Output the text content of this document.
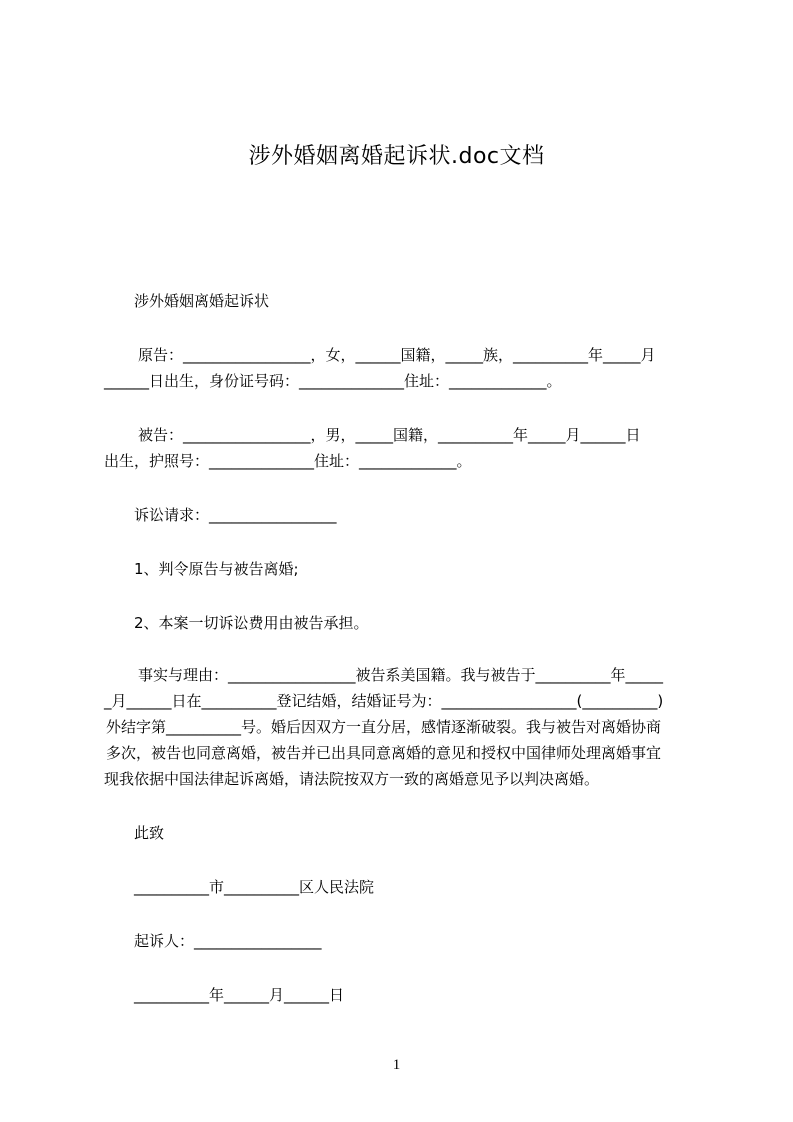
涉外婚姻离婚起诉状.doc文档
涉外婚姻离婚起诉状
原告：_________________，女，______国籍，_____族，__________年_____月
______日出生，身份证号码：______________住址：_____________。
被告：_________________，男，_____国籍，__________年_____月______日
出生，护照号：______________住址：_____________。
诉讼请求：_________________
1、判令原告与被告离婚;
2、本案一切诉讼费用由被告承担。
事实与理由：_________________被告系美国籍。我与被告于__________年_____
_月______日在__________登记结婚，结婚证号为：__________________(__________)
外结字第__________号。婚后因双方一直分居，感情逐渐破裂。我与被告对离婚协商
多次，被告也同意离婚，被告并已出具同意离婚的意见和授权中国律师处理离婚事宜
现我依据中国法律起诉离婚，请法院按双方一致的离婚意见予以判决离婚。
此致
__________市__________区人民法院
起诉人：_________________
__________年______月______日
1
